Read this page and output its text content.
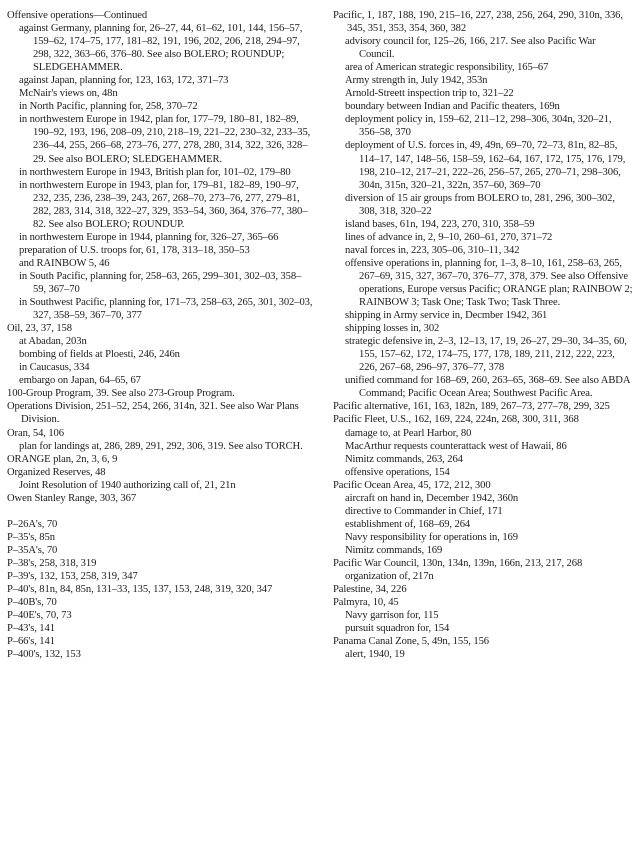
Offensive operations—Continued
against Germany, planning for, 26–27, 44, 61–62, 101, 144, 156–57, 159–62, 174–75, 177, 181–82, 191, 196, 202, 206, 218, 294–97, 298, 322, 363–66, 376–80. See also BOLERO; ROUNDUP; SLEDGEHAMMER.
against Japan, planning for, 123, 163, 172, 371–73
McNair's views on, 48n
in North Pacific, planning for, 258, 370–72
in northwestern Europe in 1942, plan for, 177–79, 180–81, 182–89, 190–92, 193, 196, 208–09, 210, 218–19, 221–22, 230–32, 233–35, 236–44, 255, 266–68, 273–76, 277, 278, 280, 314, 322, 326, 328–29. See also BOLERO; SLEDGEHAMMER.
in northwestern Europe in 1943, British plan for, 101–02, 179–80
in northwestern Europe in 1943, plan for, 179–81, 182–89, 190–97, 232, 235, 236, 238–39, 243, 267, 268–70, 273–76, 277, 279–81, 282, 283, 314, 318, 322–27, 329, 353–54, 360, 364, 376–77, 380–82. See also BOLERO; ROUNDUP.
in northwestern Europe in 1944, planning for, 326–27, 365–66
preparation of U.S. troops for, 61, 178, 313–18, 350–53
and RAINBOW 5, 46
in South Pacific, planning for, 258–63, 265, 299–301, 302–03, 358–59, 367–70
in Southwest Pacific, planning for, 171–73, 258–63, 265, 301, 302–03, 327, 358–59, 367–70, 377
Oil, 23, 37, 158
at Abadan, 203n
bombing of fields at Ploesti, 246, 246n
in Caucasus, 334
embargo on Japan, 64–65, 67
100-Group Program, 39. See also 273-Group Program.
Operations Division, 251–52, 254, 266, 314n, 321. See also War Plans Division.
Oran, 54, 106
plan for landings at, 286, 289, 291, 292, 306, 319. See also TORCH.
ORANGE plan, 2n, 3, 6, 9
Organized Reserves, 48
Joint Resolution of 1940 authorizing call of, 21, 21n
Owen Stanley Range, 303, 367
P–26A's, 70
P–35's, 85n
P–35A's, 70
P–38's, 258, 318, 319
P–39's, 132, 153, 258, 319, 347
P–40's, 81n, 84, 85n, 131–33, 135, 137, 153, 248, 319, 320, 347
P–40B's, 70
P–40E's, 70, 73
P–43's, 141
P–66's, 141
P–400's, 132, 153
Pacific, 1, 187, 188, 190, 215–16, 227, 238, 256, 264, 290, 310n, 336, 345, 351, 353, 354, 360, 382
advisory council for, 125–26, 166, 217. See also Pacific War Council.
area of American strategic responsibility, 165–67
Army strength in, July 1942, 353n
Arnold-Streett inspection trip to, 321–22
boundary between Indian and Pacific theaters, 169n
deployment policy in, 159–62, 211–12, 298–306, 304n, 320–21, 356–58, 370
deployment of U.S. forces in, 49, 49n, 69–70, 72–73, 81n, 82–85, 114–17, 147, 148–56, 158–59, 162–64, 167, 172, 175, 176, 179, 198, 210–12, 217–21, 222–26, 256–57, 265, 270–71, 298–306, 304n, 315n, 320–21, 322n, 357–60, 369–70
diversion of 15 air groups from BOLERO to, 281, 296, 300–302, 308, 318, 320–22
island bases, 61n, 194, 223, 270, 310, 358–59
lines of advance in, 2, 9–10, 260–61, 270, 371–72
naval forces in, 223, 305–06, 310–11, 342
offensive operations in, planning for, 1–3, 8–10, 161, 258–63, 265, 267–69, 315, 327, 367–70, 376–77, 378, 379. See also Offensive operations, Europe versus Pacific; ORANGE plan; RAINBOW 2; RAINBOW 3; Task One; Task Two; Task Three.
shipping in Army service in, Decmber 1942, 361
shipping losses in, 302
strategic defensive in, 2–3, 12–13, 17, 19, 26–27, 29–30, 34–35, 60, 155, 157–62, 172, 174–75, 177, 178, 189, 211, 212, 222, 223, 226, 267–68, 296–97, 376–77, 378
unified command for 168–69, 260, 263–65, 368–69. See also ABDA Command; Pacific Ocean Area; Southwest Pacific Area.
Pacific alternative, 161, 163, 182n, 189, 267–73, 277–78, 299, 325
Pacific Fleet, U.S., 162, 169, 224, 224n, 268, 300, 311, 368
damage to, at Pearl Harbor, 80
MacArthur requests counterattack west of Hawaii, 86
Nimitz commands, 263, 264
offensive operations, 154
Pacific Ocean Area, 45, 172, 212, 300
aircraft on hand in, December 1942, 360n
directive to Commander in Chief, 171
establishment of, 168–69, 264
Navy responsibility for operations in, 169
Nimitz commands, 169
Pacific War Council, 130n, 134n, 139n, 166n, 213, 217, 268
organization of, 217n
Palestine, 34, 226
Palmyra, 10, 45
Navy garrison for, 115
pursuit squadron for, 154
Panama Canal Zone, 5, 49n, 155, 156
alert, 1940, 19
